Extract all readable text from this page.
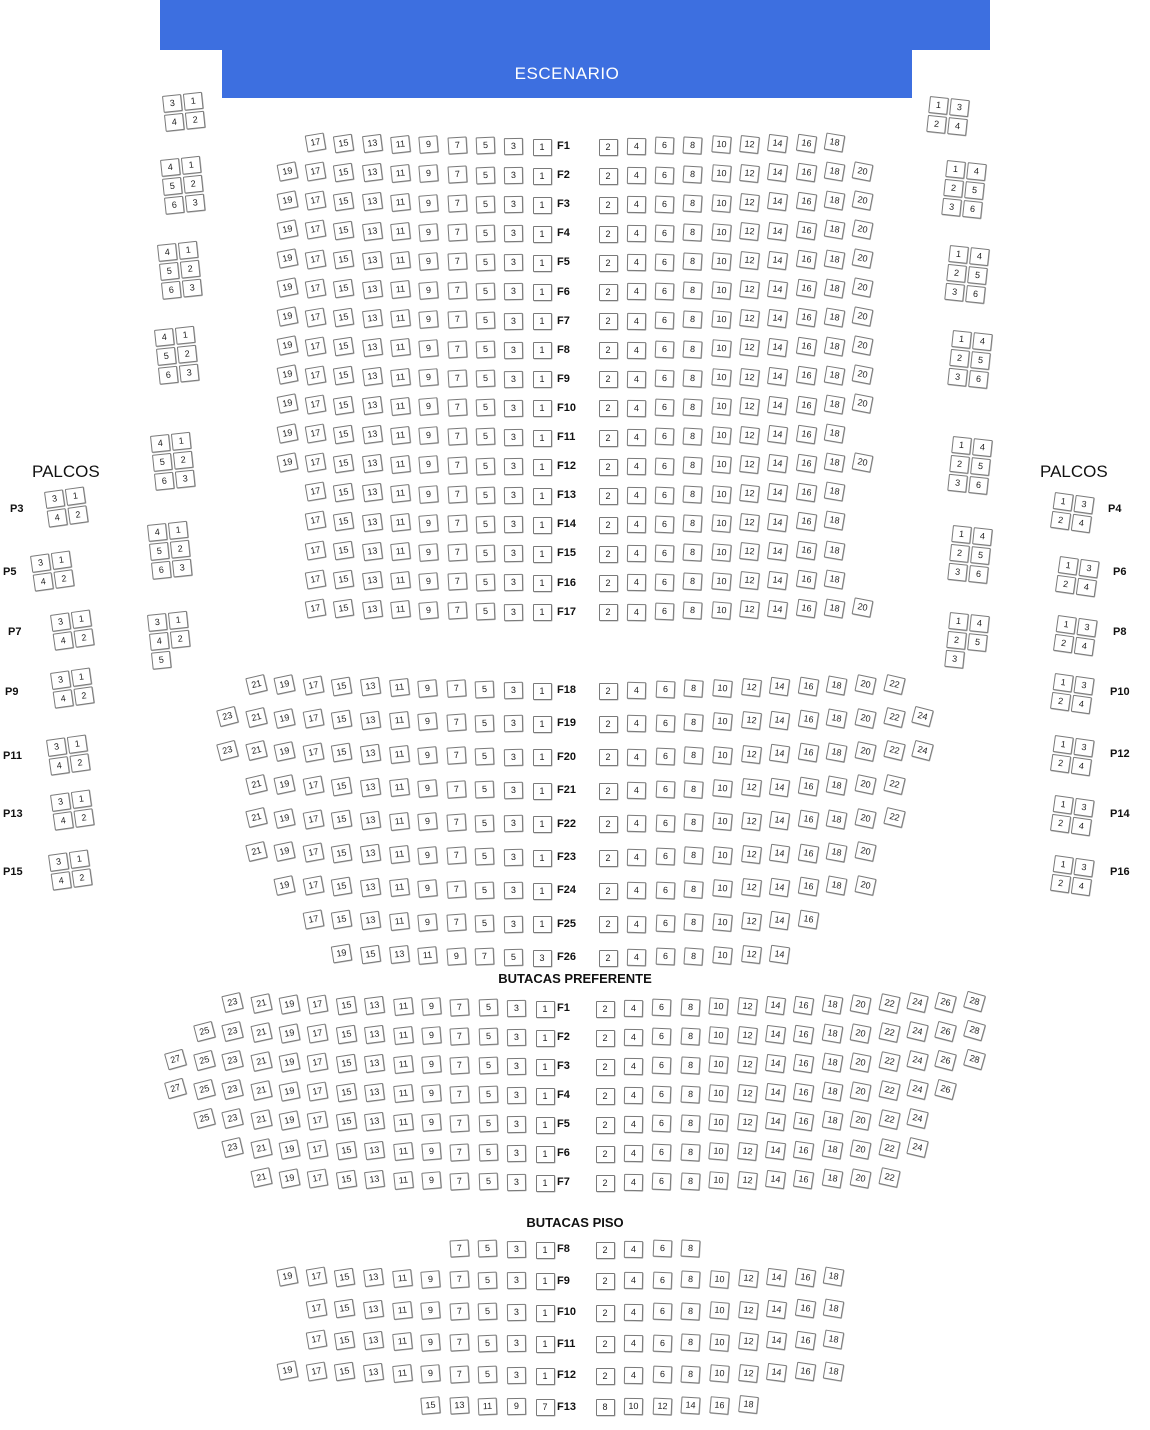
ESCENARIO
PALCOS	PALCOS
F1
17	15	13	11	9	7	5	3	1	2	4	6	8	10	12	14	16	18
F2
19	17	15	13	11	9	7	5	3	1	2	4	6	8	10	12	14	16	18	20
F3
19	17	15	13	11	9	7	5	3	1	2	4	6	8	10	12	14	16	18	20
F4
19	17	15	13	11	9	7	5	3	1	2	4	6	8	10	12	14	16	18	20
F5
19	17	15	13	11	9	7	5	3	1	2	4	6	8	10	12	14	16	18	20
F6
19	17	15	13	11	9	7	5	3	1	2	4	6	8	10	12	14	16	18	20
F7
19	17	15	13	11	9	7	5	3	1	2	4	6	8	10	12	14	16	18	20
F8
19	17	15	13	11	9	7	5	3	1	2	4	6	8	10	12	14	16	18	20
F9
19	17	15	13	11	9	7	5	3	1	2	4	6	8	10	12	14	16	18	20
F10
19	17	15	13	11	9	7	5	3	1	2	4	6	8	10	12	14	16	18	20
F11
19	17	15	13	11	9	7	5	3	1	2	4	6	8	10	12	14	16	18
F12
19	17	15	13	11	9	7	5	3	1	2	4	6	8	10	12	14	16	18	20
F13
17	15	13	11	9	7	5	3	1	2	4	6	8	10	12	14	16	18
F14
17	15	13	11	9	7	5	3	1	2	4	6	8	10	12	14	16	18
F15
17	15	13	11	9	7	5	3	1	2	4	6	8	10	12	14	16	18
F16
17	15	13	11	9	7	5	3	1	2	4	6	8	10	12	14	16	18
F17
17	15	13	11	9	7	5	3	1	2	4	6	8	10	12	14	16	18	20
F18
21	19	17	15	13	11	9	7	5	3	1	2	4	6	8	10	12	14	16	18	20	22
F19
23	21	19	17	15	13	11	9	7	5	3	1	2	4	6	8	10	12	14	16	18	20	22	24
F20
23	21	19	17	15	13	11	9	7	5	3	1	2	4	6	8	10	12	14	16	18	20	22	24
F21
21	19	17	15	13	11	9	7	5	3	1	2	4	6	8	10	12	14	16	18	20	22
F22
21	19	17	15	13	11	9	7	5	3	1	2	4	6	8	10	12	14	16	18	20	22
F23
21	19	17	15	13	11	9	7	5	3	1	2	4	6	8	10	12	14	16	18	20
F24
19	17	15	13	11	9	7	5	3	1	2	4	6	8	10	12	14	16	18	20
F25
17	15	13	11	9	7	5	3	1	2	4	6	8	10	12	14	16
F26
19	15	13	11	9	7	5	3	2	4	6	8	10	12	14
F1
23	21	19	17	15	13	11	9	7	5	3	1	2	4	6	8	10	12	14	16	18	20	22	24	26	28
F2
25	23	21	19	17	15	13	11	9	7	5	3	1	2	4	6	8	10	12	14	16	18	20	22	24	26	28
F3
27	25	23	21	19	17	15	13	11	9	7	5	3	1	2	4	6	8	10	12	14	16	18	20	22	24	26	28
F4
27	25	23	21	19	17	15	13	11	9	7	5	3	1	2	4	6	8	10	12	14	16	18	20	22	24	26
F5
25	23	21	19	17	15	13	11	9	7	5	3	1	2	4	6	8	10	12	14	16	18	20	22	24
F6
23	21	19	17	15	13	11	9	7	5	3	1	2	4	6	8	10	12	14	16	18	20	22	24
F7
21	19	17	15	13	11	9	7	5	3	1	2	4	6	8	10	12	14	16	18	20	22
F8
7	5	3	1	2	4	6	8
F9
19	17	15	13	11	9	7	5	3	1	2	4	6	8	10	12	14	16	18
F10
17	15	13	11	9	7	5	3	1	2	4	6	8	10	12	14	16	18
F11
17	15	13	11	9	7	5	3	1	2	4	6	8	10	12	14	16	18
F12
19	17	15	13	11	9	7	5	3	1	2	4	6	8	10	12	14	16	18
F13
15	13	11	9	7	8	10	12	14	16	18
BUTACAS PREFERENTE
BUTACAS PISO
3	1
4	2
4	1
5	2
6	3
4	1
5	2
6	3
4	1
5	2
6	3
4	1
5	2
6	3
4	1
5	2
6	3
3	1
4	2
5
1	3
2	4
1	4
2	5
3	6
1	4
2	5
3	6
1	4
2	5
3	6
1	4
2	5
3	6
1	4
2	5
3	6
1	4
2	5
3
3	1
4	2
P3
3	1
4	2
P5
3	1
4	2
P7
3	1
4	2
P9
3	1
4	2
P11
3	1
4	2
P13
3	1
4	2
P15
1	3
2	4
P4
1	3
2	4
P6
1	3
2	4
P8
1	3
2	4
P10
1	3
2	4
P12
1	3
2	4
P14
1	3
2	4
P16
